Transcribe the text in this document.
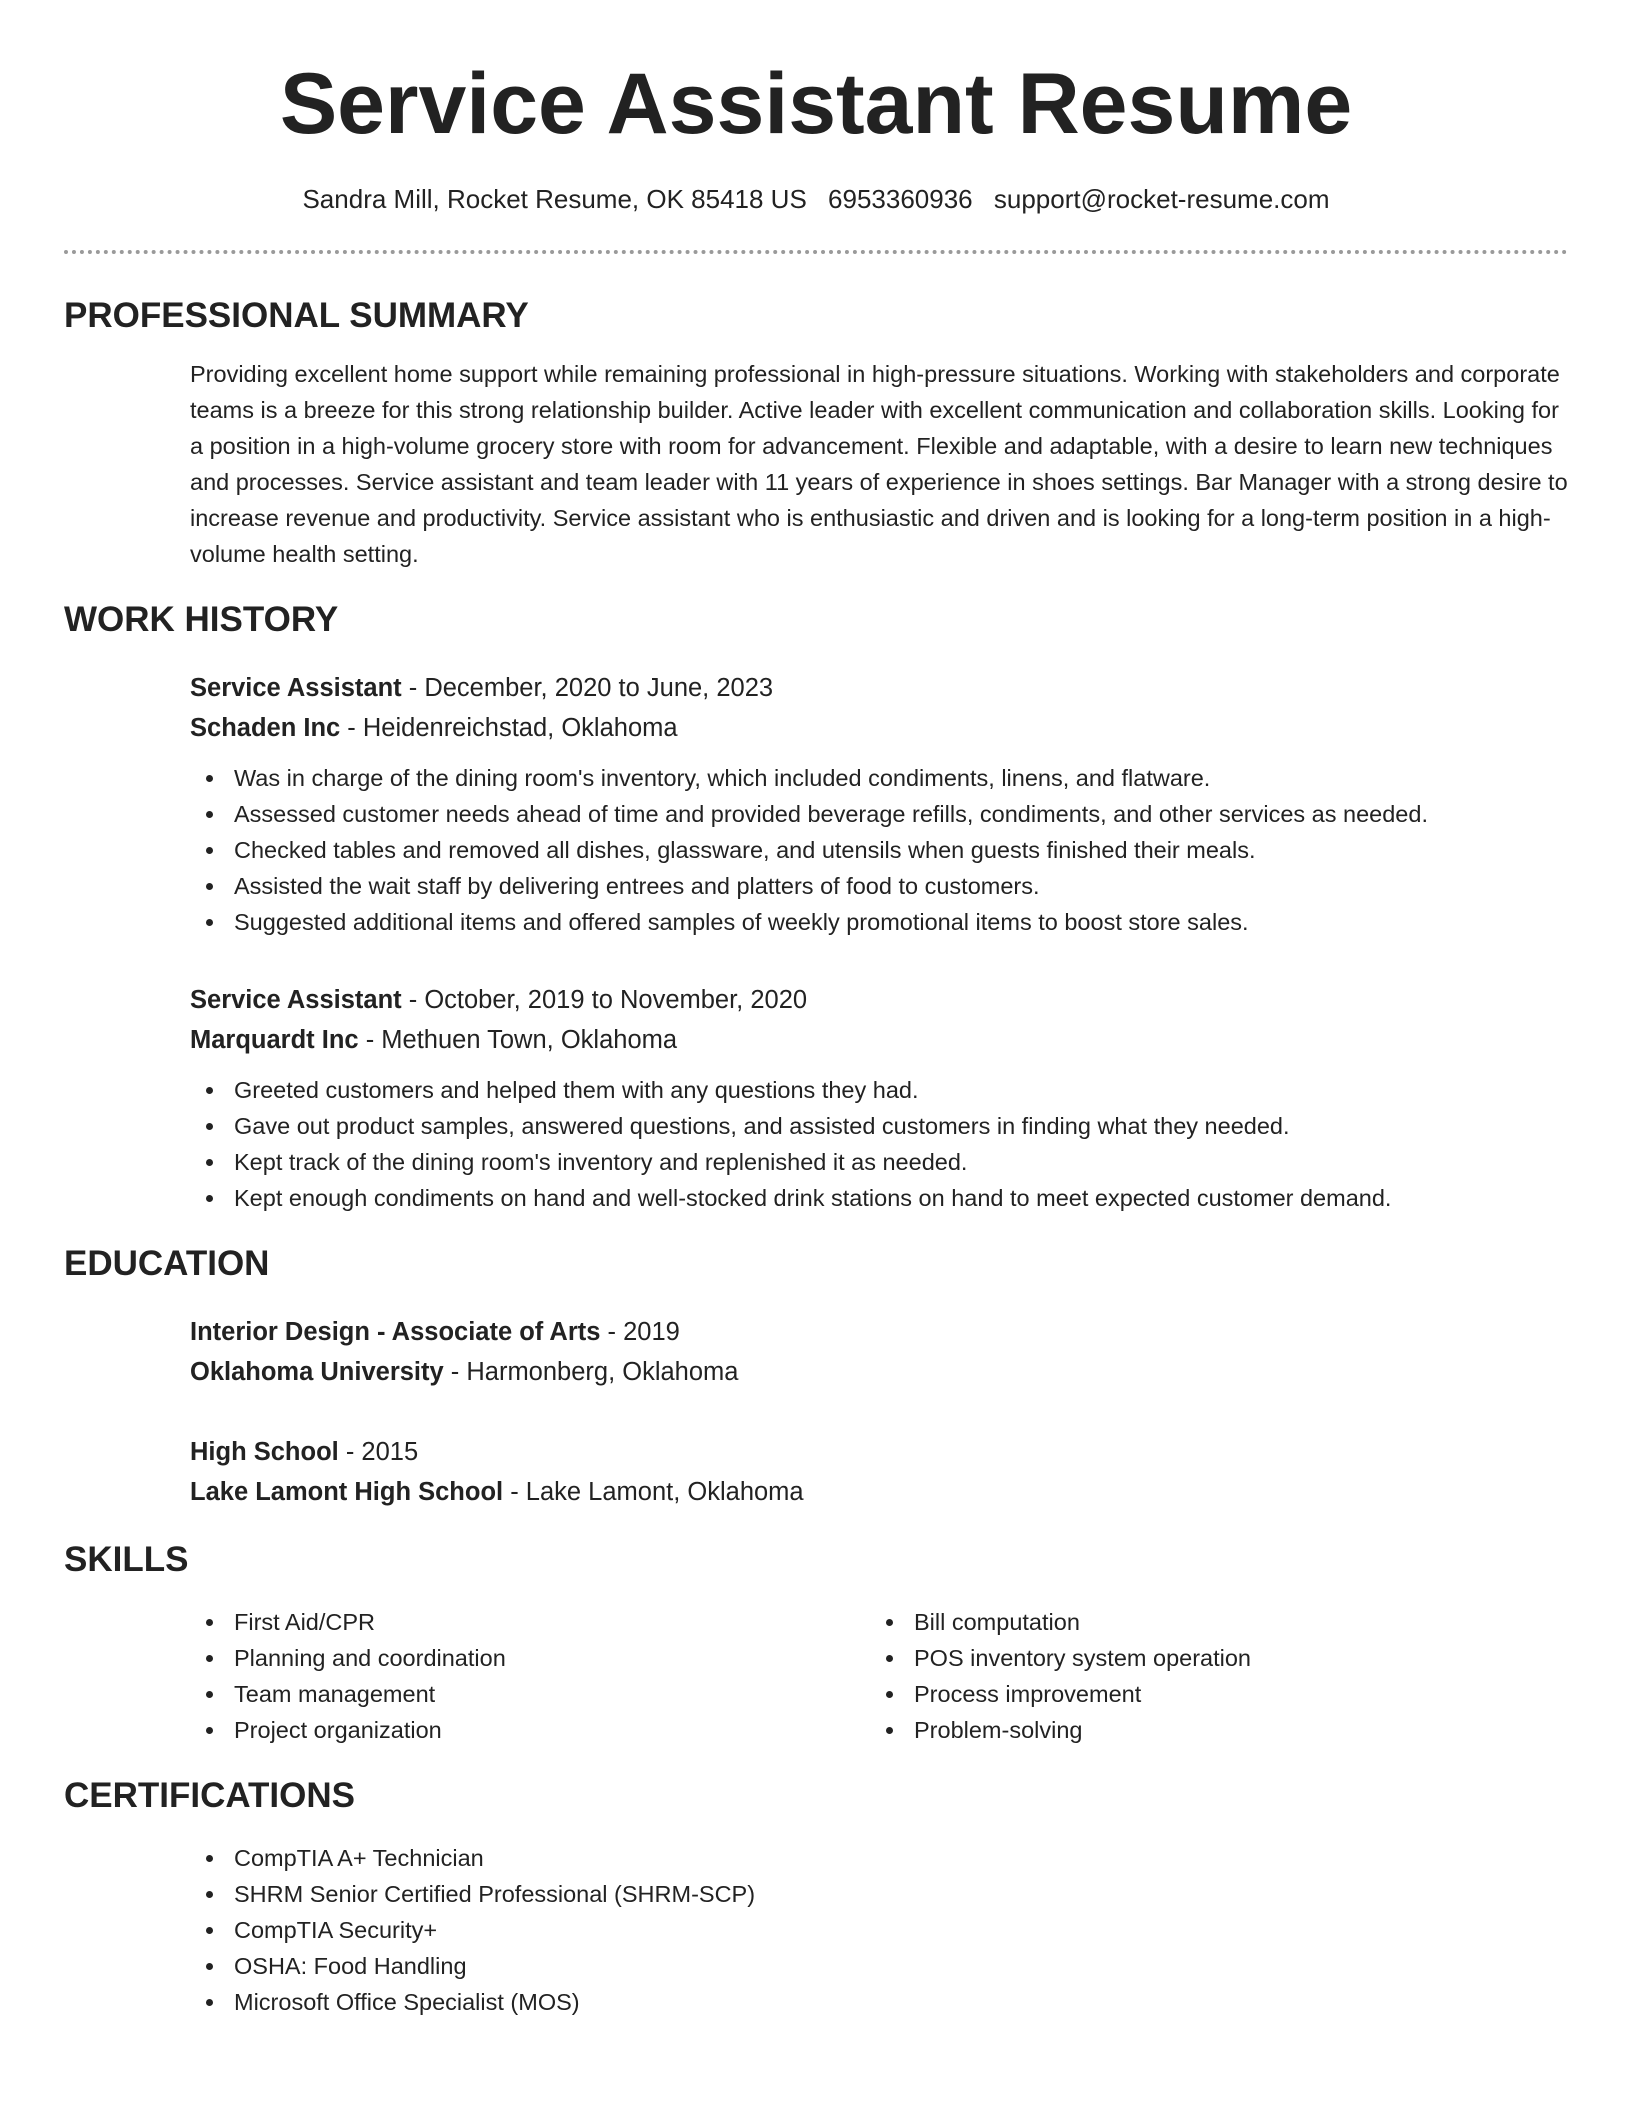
Service Assistant Resume
Sandra Mill, Rocket Resume, OK 85418 US 6953360936 support@rocket-resume.com
PROFESSIONAL SUMMARY

Providing excellent home support while remaining professional in high-pressure situations. Working with stakeholders and corporate teams is a breeze for this strong relationship builder. Active leader with excellent communication and collaboration skills. Looking for a position in a high-volume grocery store with room for advancement. Flexible and adaptable, with a desire to learn new techniques and processes. Service assistant and team leader with 11 years of experience in shoes settings. Bar Manager with a strong desire to increase revenue and productivity. Service assistant who is enthusiastic and driven and is looking for a long-term position in a high-volume health setting.

WORK HISTORY
Service Assistant - December, 2020 to June, 2023
Schaden Inc - Heidenreichstad, Oklahoma
Was in charge of the dining room's inventory, which included condiments, linens, and flatware.
Assessed customer needs ahead of time and provided beverage refills, condiments, and other services as needed.
Checked tables and removed all dishes, glassware, and utensils when guests finished their meals.
Assisted the wait staff by delivering entrees and platters of food to customers.
Suggested additional items and offered samples of weekly promotional items to boost store sales.
Service Assistant - October, 2019 to November, 2020
Marquardt Inc - Methuen Town, Oklahoma
Greeted customers and helped them with any questions they had.
Gave out product samples, answered questions, and assisted customers in finding what they needed.
Kept track of the dining room's inventory and replenished it as needed.
Kept enough condiments on hand and well-stocked drink stations on hand to meet expected customer demand.
EDUCATION
Interior Design - Associate of Arts - 2019
Oklahoma University - Harmonberg, Oklahoma
High School - 2015
Lake Lamont High School - Lake Lamont, Oklahoma
SKILLS
First Aid/CPR
Planning and coordination
Team management
Project organization
Bill computation
POS inventory system operation
Process improvement
Problem-solving
CERTIFICATIONS
CompTIA A+ Technician
SHRM Senior Certified Professional (SHRM-SCP)
CompTIA Security+
OSHA: Food Handling
Microsoft Office Specialist (MOS)
